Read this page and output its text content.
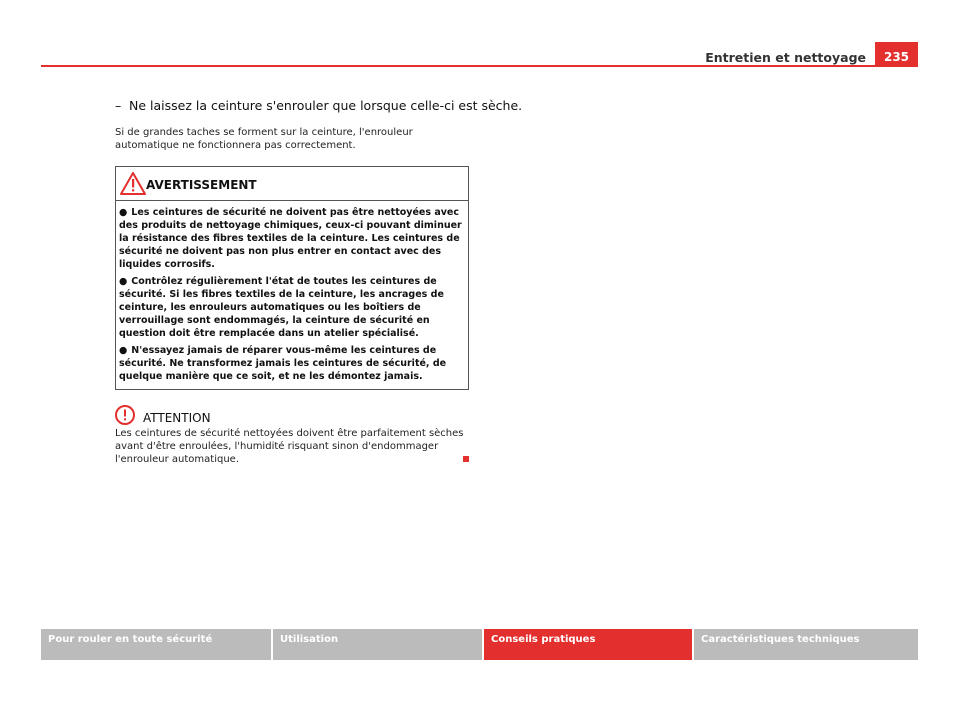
Entretien et nettoyage	235
– Ne laissez la ceinture s'enrouler que lorsque celle-ci est sèche.

Si de grandes taches se forment sur la ceinture, l'enrouleur automatique ne fonctionnera pas correctement.

AVERTISSEMENT

● Les ceintures de sécurité ne doivent pas être nettoyées avec des produits de nettoyage chimiques, ceux-ci pouvant diminuer la résistance des fibres textiles de la ceinture. Les ceintures de sécurité ne doivent pas non plus entrer en contact avec des liquides corrosifs.

● Contrôlez régulièrement l'état de toutes les ceintures de sécurité. Si les fibres textiles de la ceinture, les ancrages de ceinture, les enrouleurs automatiques ou les boîtiers de verrouillage sont endommagés, la ceinture de sécurité en question doit être remplacée dans un atelier spécialisé.

● N'essayez jamais de réparer vous-même les ceintures de sécurité. Ne transformez jamais les ceintures de sécurité, de quelque manière que ce soit, et ne les démontez jamais.

ATTENTION

Les ceintures de sécurité nettoyées doivent être parfaitement sèches avant d'être enroulées, l'humidité risquant sinon d'endommager l'enrouleur automatique.

Pour rouler en toute sécurité	Utilisation	Conseils pratiques	Caractéristiques techniques
